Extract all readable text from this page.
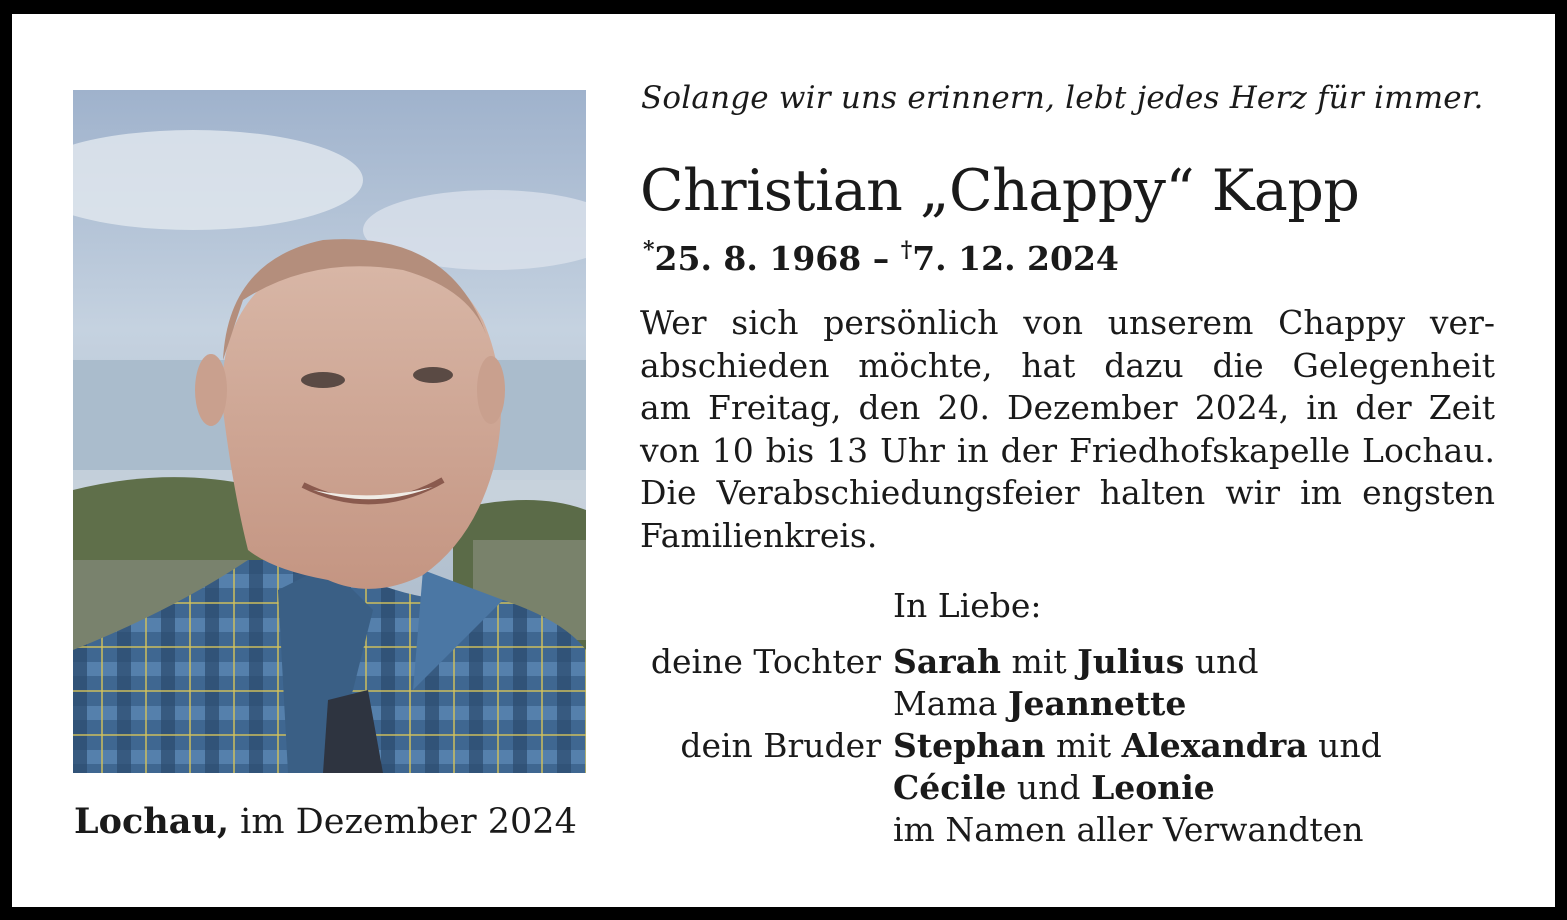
Solange wir uns erinnern, lebt jedes Herz für immer.
Christian „Chappy“ Kapp
*25. 8. 1968 – †7. 12. 2024
Wer sich persönlich von unserem Chappy ver-
abschieden möchte, hat dazu die Gelegenheit
am Freitag, den 20. Dezember 2024, in der Zeit
von 10 bis 13 Uhr in der Friedhofskapelle Lochau.
Die Verabschiedungsfeier halten wir im engsten
Familienkreis.
In Liebe:
deine Tochter Sarah mit Julius und
Mama Jeannette
dein Bruder Stephan mit Alexandra und
Cécile und Leonie
im Namen aller Verwandten
Lochau, im Dezember 2024
